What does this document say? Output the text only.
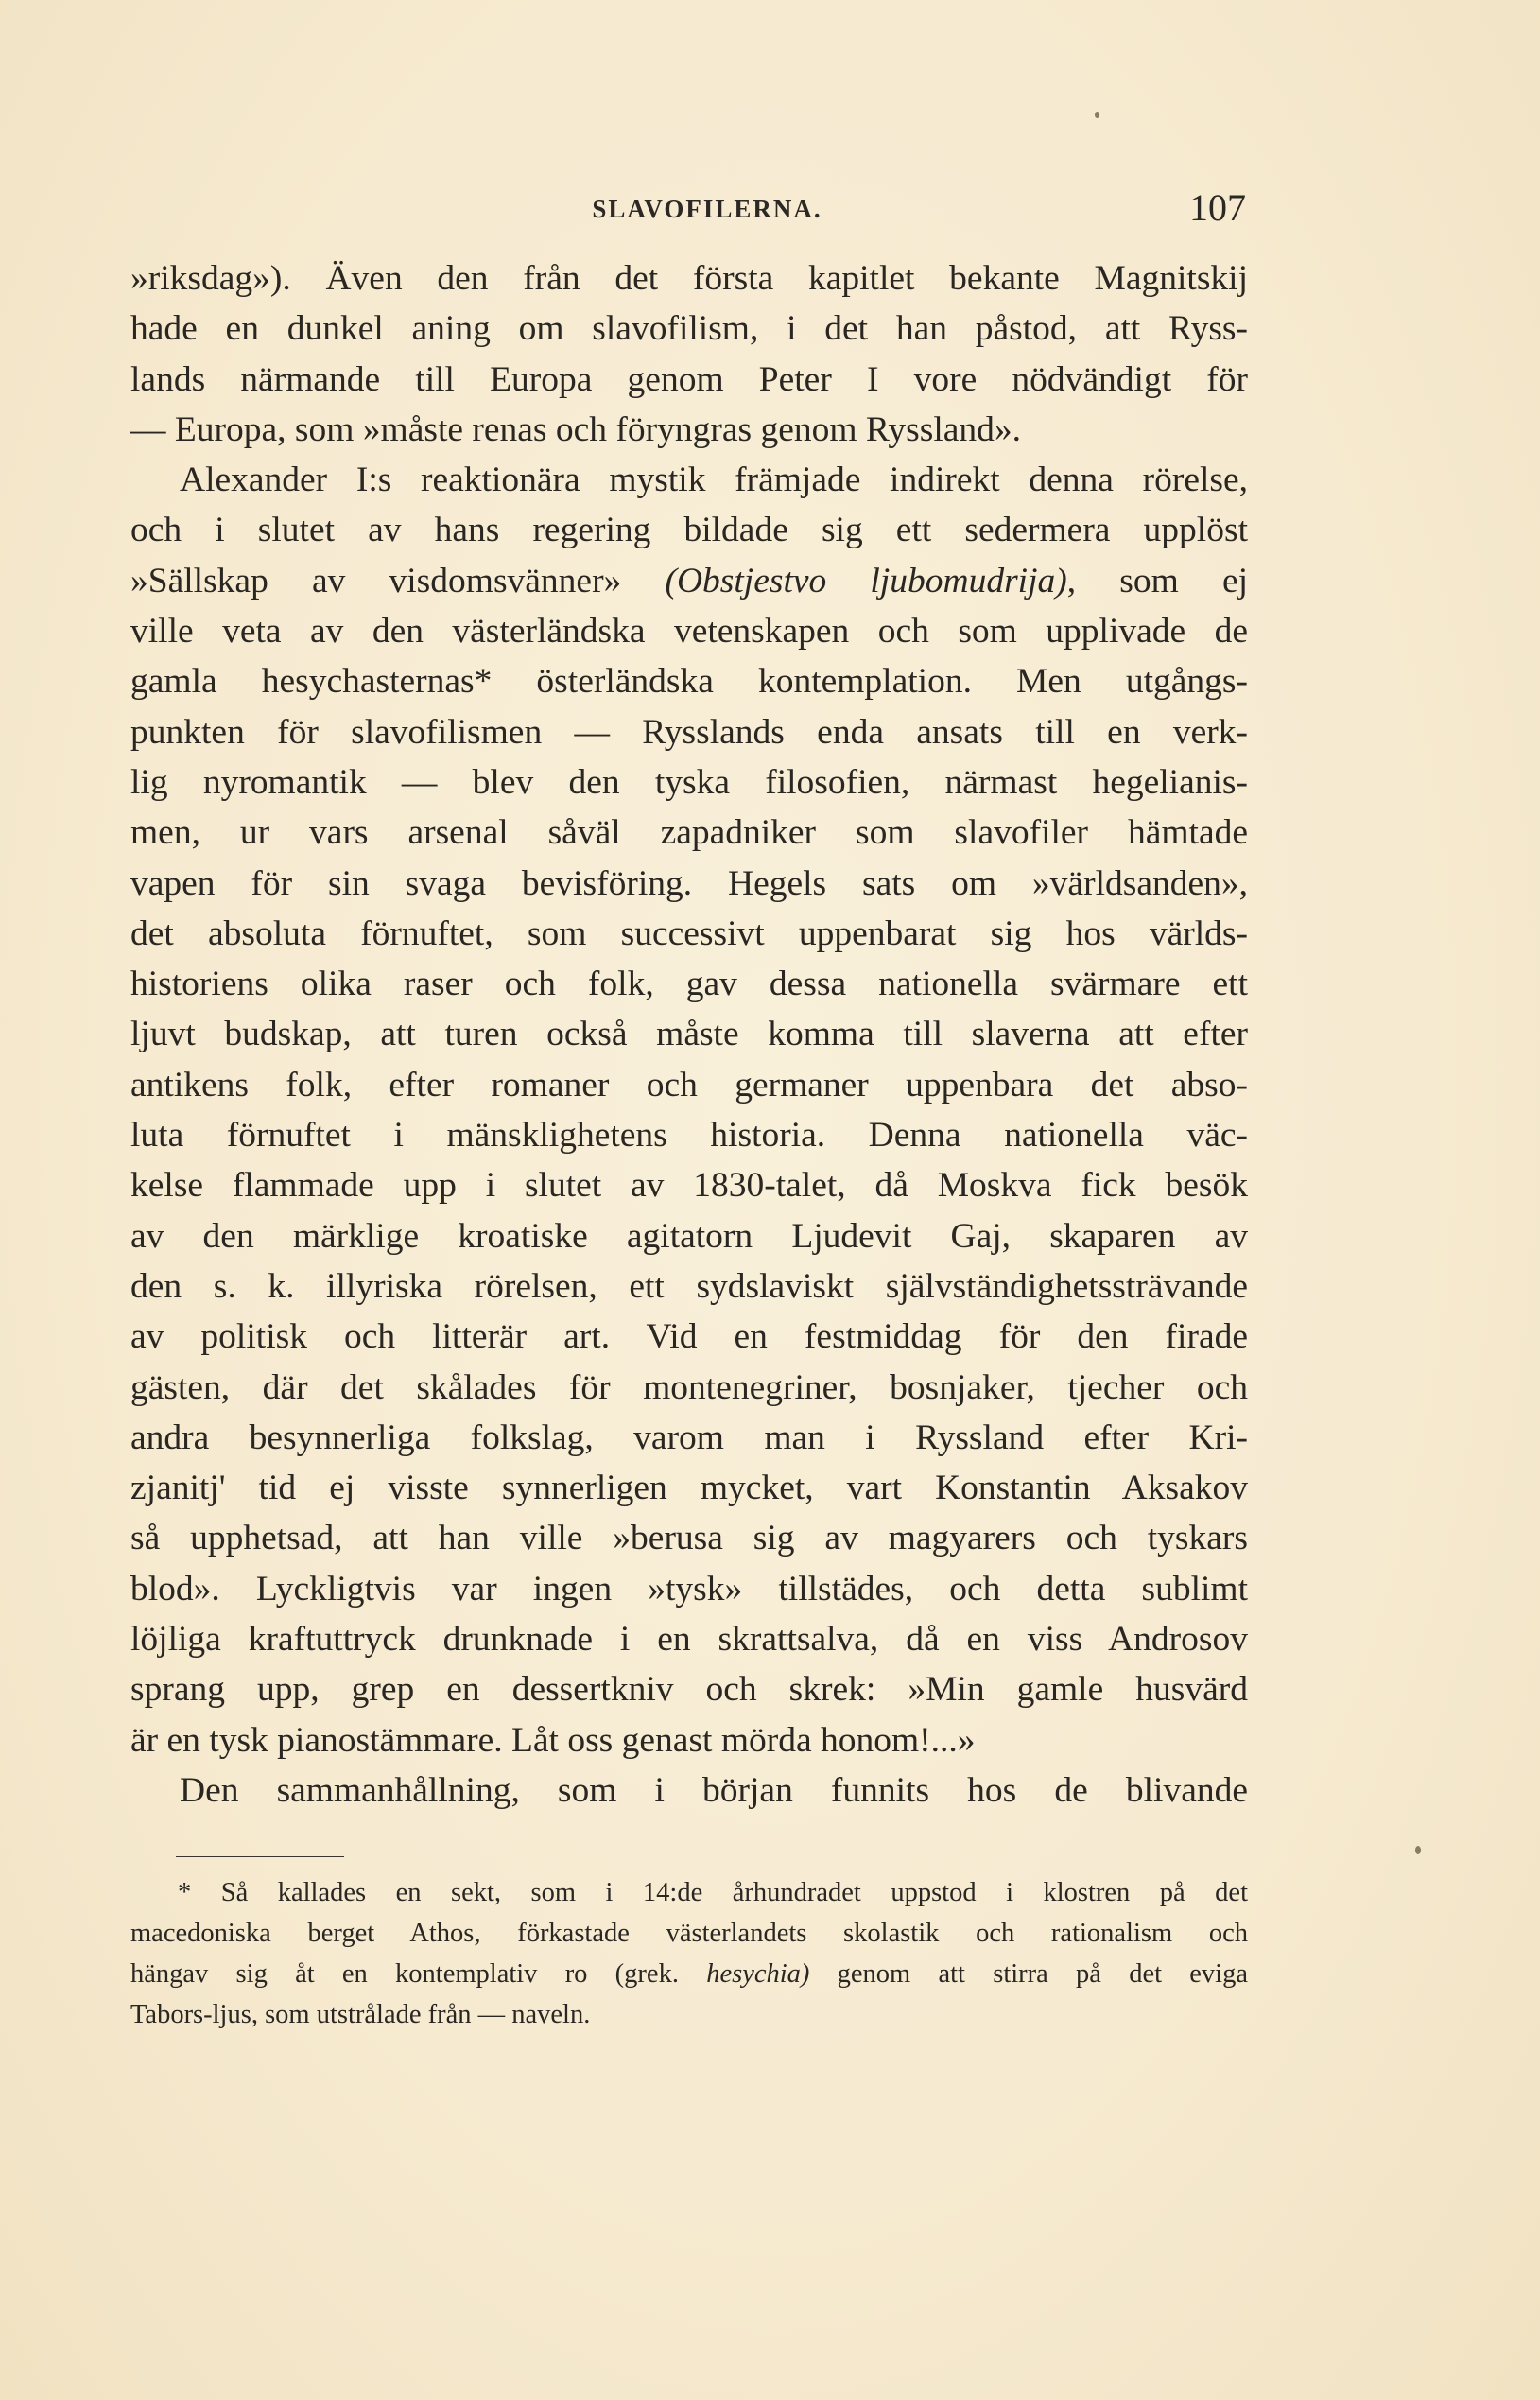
SLAVOFILERNA.	107
»riksdag»). Även den från det första kapitlet bekante Magnitskij
hade en dunkel aning om slavofilism, i det han påstod, att Ryss-
lands närmande till Europa genom Peter I vore nödvändigt för
— Europa, som »måste renas och föryngras genom Ryssland».
Alexander I:s reaktionära mystik främjade indirekt denna rörelse,
och i slutet av hans regering bildade sig ett sedermera upplöst
»Sällskap av visdomsvänner» (Obstjestvo ljubomudrija), som ej
ville veta av den västerländska vetenskapen och som upplivade de
gamla hesychasternas* österländska kontemplation. Men utgångs-
punkten för slavofilismen — Rysslands enda ansats till en verk-
lig nyromantik — blev den tyska filosofien, närmast hegelianis-
men, ur vars arsenal såväl zapadniker som slavofiler hämtade
vapen för sin svaga bevisföring. Hegels sats om »världsanden»,
det absoluta förnuftet, som successivt uppenbarat sig hos världs-
historiens olika raser och folk, gav dessa nationella svärmare ett
ljuvt budskap, att turen också måste komma till slaverna att efter
antikens folk, efter romaner och germaner uppenbara det abso-
luta förnuftet i mänsklighetens historia. Denna nationella väc-
kelse flammade upp i slutet av 1830-talet, då Moskva fick besök
av den märklige kroatiske agitatorn Ljudevit Gaj, skaparen av
den s. k. illyriska rörelsen, ett sydslaviskt självständighetssträvande
av politisk och litterär art. Vid en festmiddag för den firade
gästen, där det skålades för montenegriner, bosnjaker, tjecher och
andra besynnerliga folkslag, varom man i Ryssland efter Kri-
zjanitj' tid ej visste synnerligen mycket, vart Konstantin Aksakov
så upphetsad, att han ville »berusa sig av magyarers och tyskars
blod». Lyckligtvis var ingen »tysk» tillstädes, och detta sublimt
löjliga kraftuttryck drunknade i en skrattsalva, då en viss Androsov
sprang upp, grep en dessertkniv och skrek: »Min gamle husvärd
är en tysk pianostämmare. Låt oss genast mörda honom!...»
Den sammanhållning, som i början funnits hos de blivande
* Så kallades en sekt, som i 14:de århundradet uppstod i klostren på det
macedoniska berget Athos, förkastade västerlandets skolastik och rationalism och
hängav sig åt en kontemplativ ro (grek. hesychia) genom att stirra på det eviga
Tabors-ljus, som utstrålade från — naveln.
